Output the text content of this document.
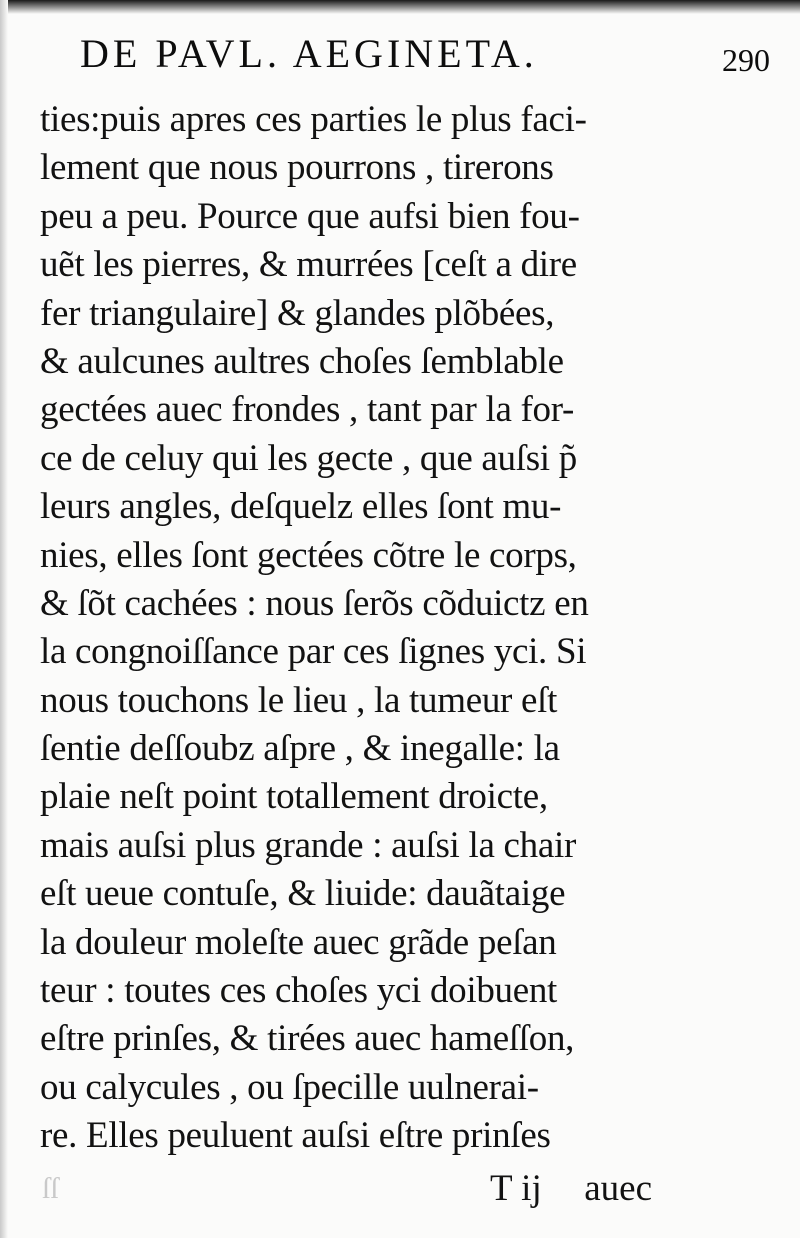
DE PAVL. AEGINETA.	290
ties:puis apres ces parties le plus faci-
lement que nous pourrons , tirerons
peu a peu. Pource que aufsi bien fou-
uẽt les pierres, & murrées [ceſt a dire
fer triangulaire] & glandes plõbées,
& aulcunes aultres choſes ſemblable
gectées auec frondes , tant par la for-
ce de celuy qui les gecte , que auſsi p̃
leurs angles, deſquelz elles ſont mu-
nies, elles ſont gectées cõtre le corps,
& ſõt cachées : nous ſerõs cõduictz en
la congnoiſſance par ces ſignes yci. Si
nous touchons le lieu , la tumeur eſt
ſentie deſſoubz aſpre , & inegalle: la
plaie neſt point totallement droicte,
mais auſsi plus grande : auſsi la chair
eſt ueue contuſe, & liuide: dauãtaige
la douleur moleſte auec grãde peſan
teur : toutes ces choſes yci doibuent
eſtre prinſes, & tirées auec hameſſon,
ou calycules , ou ſpecille uulnerai-
re. Elles peuluent auſsi eſtre prinſes
ſſ	T ij auec
